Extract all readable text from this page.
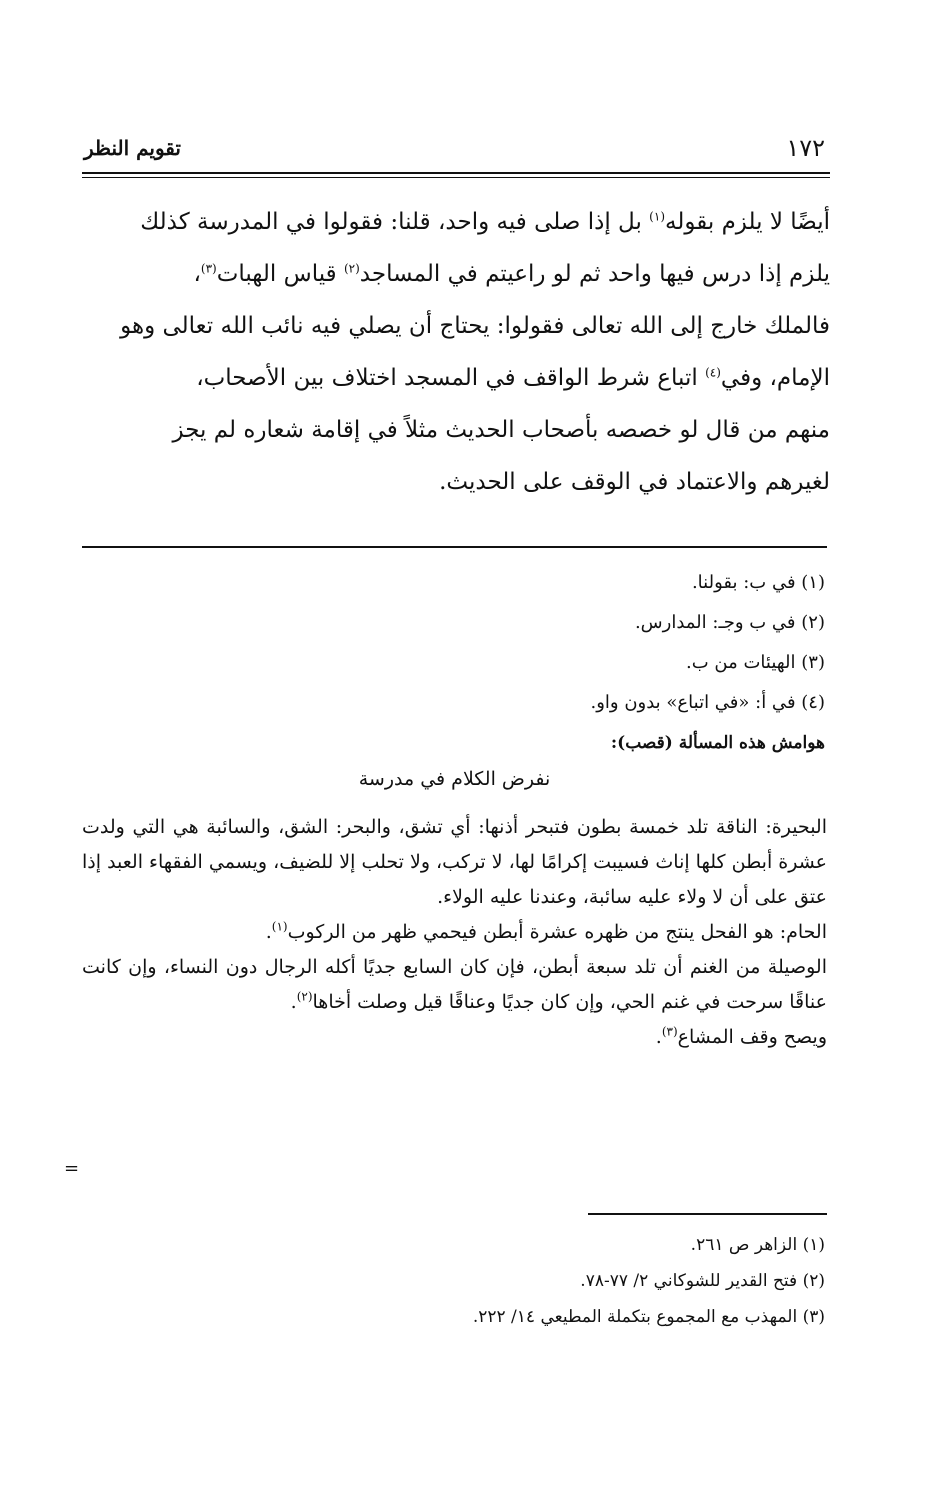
١٧٢
تقويم النظر

أيضًا لا يلزم بقوله$^{(١)}$ بل إذا صلى فيه واحد، قلنا: فقولوا في المدرسة كذلك

يلزم إذا درس فيها واحد ثم لو راعيتم في المساجد$^{(٢)}$ قياس الهبات$^{(٣)}$،

فالملك خارج إلى الله تعالى فقولوا: يحتاج أن يصلي فيه نائب الله تعالى وهو

الإمام، وفي$^{(٤)}$ اتباع شرط الواقف في المسجد اختلاف بين الأصحاب،

منهم من قال لو خصصه بأصحاب الحديث مثلاً في إقامة شعاره لم يجز

لغيرهم والاعتماد في الوقف على الحديث.

(١) في ب: بقولنا.

(٢) في ب وجـ: المدارس.

(٣) الهيئات من ب.

(٤) في أ: «في اتباع» بدون واو.

هوامش هذه المسألة (قصب):
نفرض الكلام في مدرسة

البحيرة: الناقة تلد خمسة بطون فتبحر أذنها: أي تشق، والبحر: الشق، والسائبة هي التي ولدت عشرة أبطن كلها إناث فسيبت إكرامًا لها، لا تركب، ولا تحلب إلا للضيف، ويسمي الفقهاء العبد إذا عتق على أن لا ولاء عليه سائبة، وعندنا عليه الولاء.

الحام: هو الفحل ينتج من ظهره عشرة أبطن فيحمي ظهر من الركوب$^{(١)}$.

الوصيلة من الغنم أن تلد سبعة أبطن، فإن كان السابع جديًا أكله الرجال دون النساء، وإن كانت عناقًا سرحت في غنم الحي، وإن كان جديًا وعناقًا قيل وصلت أخاها$^{(٢)}$.

ويصح وقف المشاع$^{(٣)}$.

=

(١) الزاهر ص ٢٦١.

(٢) فتح القدير للشوكاني ٢/ ٧٧-٧٨.

(٣) المهذب مع المجموع بتكملة المطيعي ١٤/ ٢٢٢.
